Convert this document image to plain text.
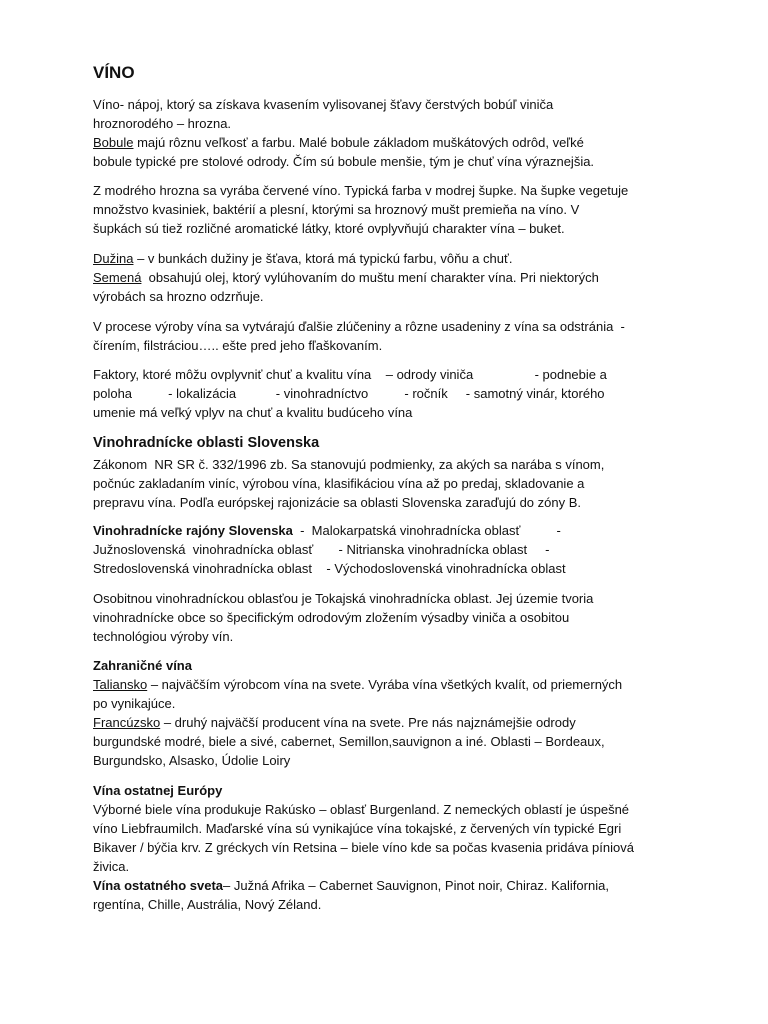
VÍNO
Víno- nápoj, ktorý sa získava kvasením vylisovanej šťavy čerstvých bobúľ viniča
hroznorodého – hrozna.
Bobule majú rôznu veľkosť a farbu. Malé bobule základom muškátových odrôd, veľké
bobule typické pre stolové odrody. Čím sú bobule menšie, tým je chuť vína výraznejšia.
Z modrého hrozna sa vyrába červené víno. Typická farba v modrej šupke. Na šupke vegetuje
množstvo kvasiniek, baktérií a plesní, ktorými sa hroznový mušt premieňa na víno. V
šupkách sú tiež rozličné aromatické látky, ktoré ovplyvňujú charakter vína – buket.
Dužina – v bunkách dužiny je šťava, ktorá má typickú farbu, vôňu a chuť.
Semená  obsahujú olej, ktorý vylúhovaním do muštu mení charakter vína. Pri niektorých
výrobách sa hrozno odzrňuje.
V procese výroby vína sa vytvárajú ďalšie zlúčeniny a rôzne usadeniny z vína sa odstránia  -
čírením, filstráciou….. ešte pred jeho fľaškovaním.
Faktory, ktoré môžu ovplyvniť chuť a kvalitu vína    – odrody viniča                 - podnebie a
poloha          - lokalizácia           - vinohradníctvo          - ročník     - samotný vinár, ktorého
umenie má veľký vplyv na chuť a kvalitu budúceho vína
Vinohradnícke oblasti Slovenska
Zákonom  NR SR č. 332/1996 zb. Sa stanovujú podmienky, za akých sa narába s vínom,
počnúc zakladaním viníc, výrobou vína, klasifikáciou vína až po predaj, skladovanie a
prepravu vína. Podľa európskej rajonizácie sa oblasti Slovenska zaraďujú do zóny B.
Vinohradnícke rajóny Slovenska  -  Malokarpatská vinohradnícka oblasť          -
Južnoslovenská  vinohradnícka oblasť       - Nitrianska vinohradnícka oblast     -
Stredoslovenská vinohradnícka oblast    - Východoslovenská vinohradnícka oblast
Osobitnou vinohradníckou oblasťou je Tokajská vinohradnícka oblast. Jej územie tvoria
vinohradnícke obce so špecifickým odrodovým zložením výsadby viniča a osobitou
technológiou výroby vín.
Zahraničné vína
Taliansko – najväčším výrobcom vína na svete. Vyrába vína všetkých kvalít, od priemerných
po vynikajúce.
Francúzsko – druhý najväčší producent vína na svete. Pre nás najznámejšie odrody
burgundské modré, biele a sivé, cabernet, Semillon,sauvignon a iné. Oblasti – Bordeaux,
Burgundsko, Alsasko, Údolie Loiry
Vína ostatnej Európy
Výborné biele vína produkuje Rakúsko – oblasť Burgenland. Z nemeckých oblastí je úspešné
víno Liebfraumilch. Maďarské vína sú vynikajúce vína tokajské, z červených vín typické Egri
Bikaver / býčia krv. Z gréckych vín Retsina – biele víno kde sa počas kvasenia pridáva píniová
živica.
Vína ostatného sveta– Južná Afrika – Cabernet Sauvignon, Pinot noir, Chiraz. Kalifornia,
rgentína, Chille, Austrália, Nový Zéland.
